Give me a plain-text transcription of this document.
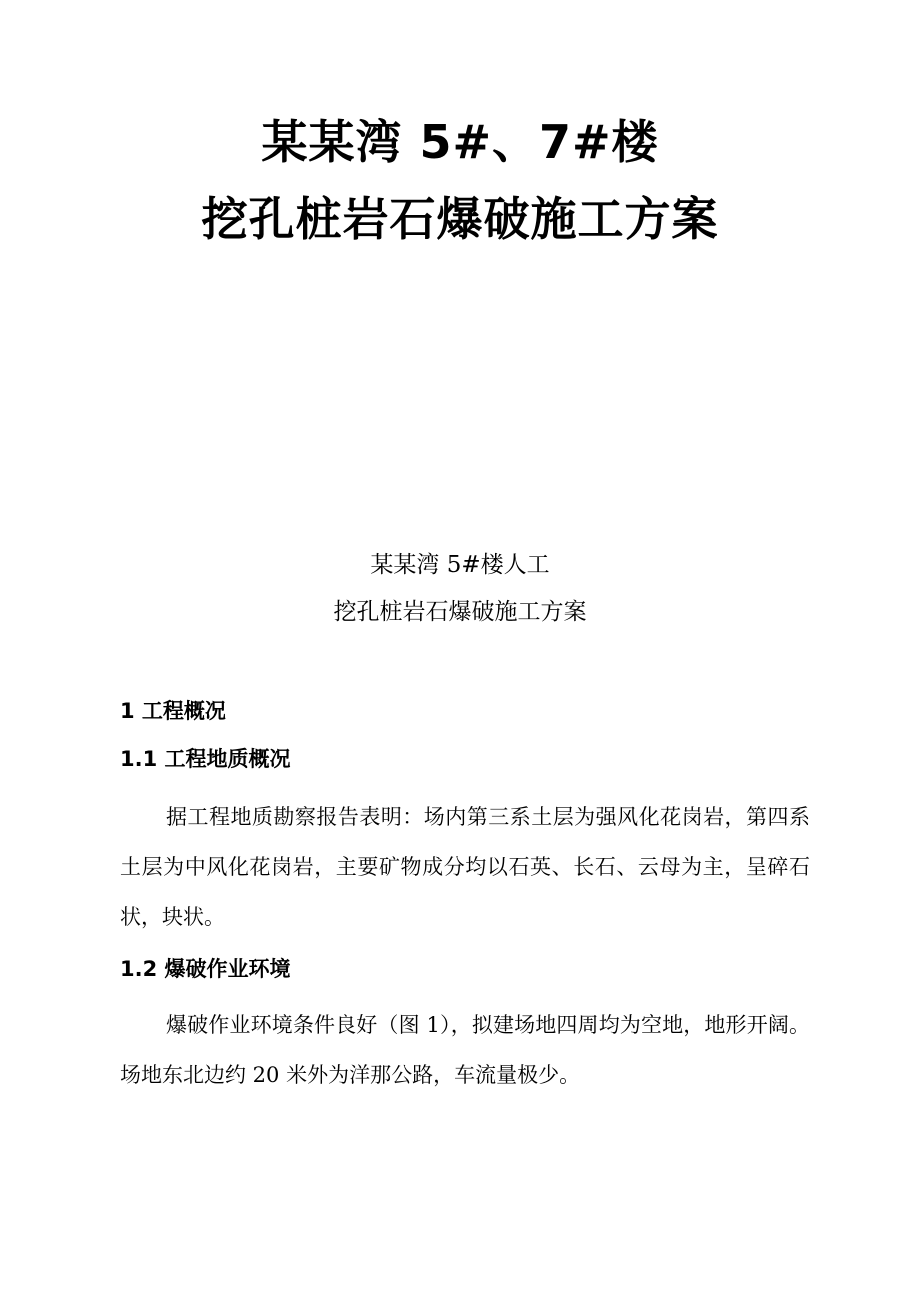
某某湾 5#、7#楼
挖孔桩岩石爆破施工方案
某某湾 5#楼人工
挖孔桩岩石爆破施工方案
1 工程概况
1.1 工程地质概况
据工程地质勘察报告表明：场内第三系土层为强风化花岗岩，第四系土层为中风化花岗岩，主要矿物成分均以石英、长石、云母为主，呈碎石状，块状。
1.2 爆破作业环境
爆破作业环境条件良好（图 1），拟建场地四周均为空地，地形开阔。场地东北边约 20 米外为洋那公路，车流量极少。
